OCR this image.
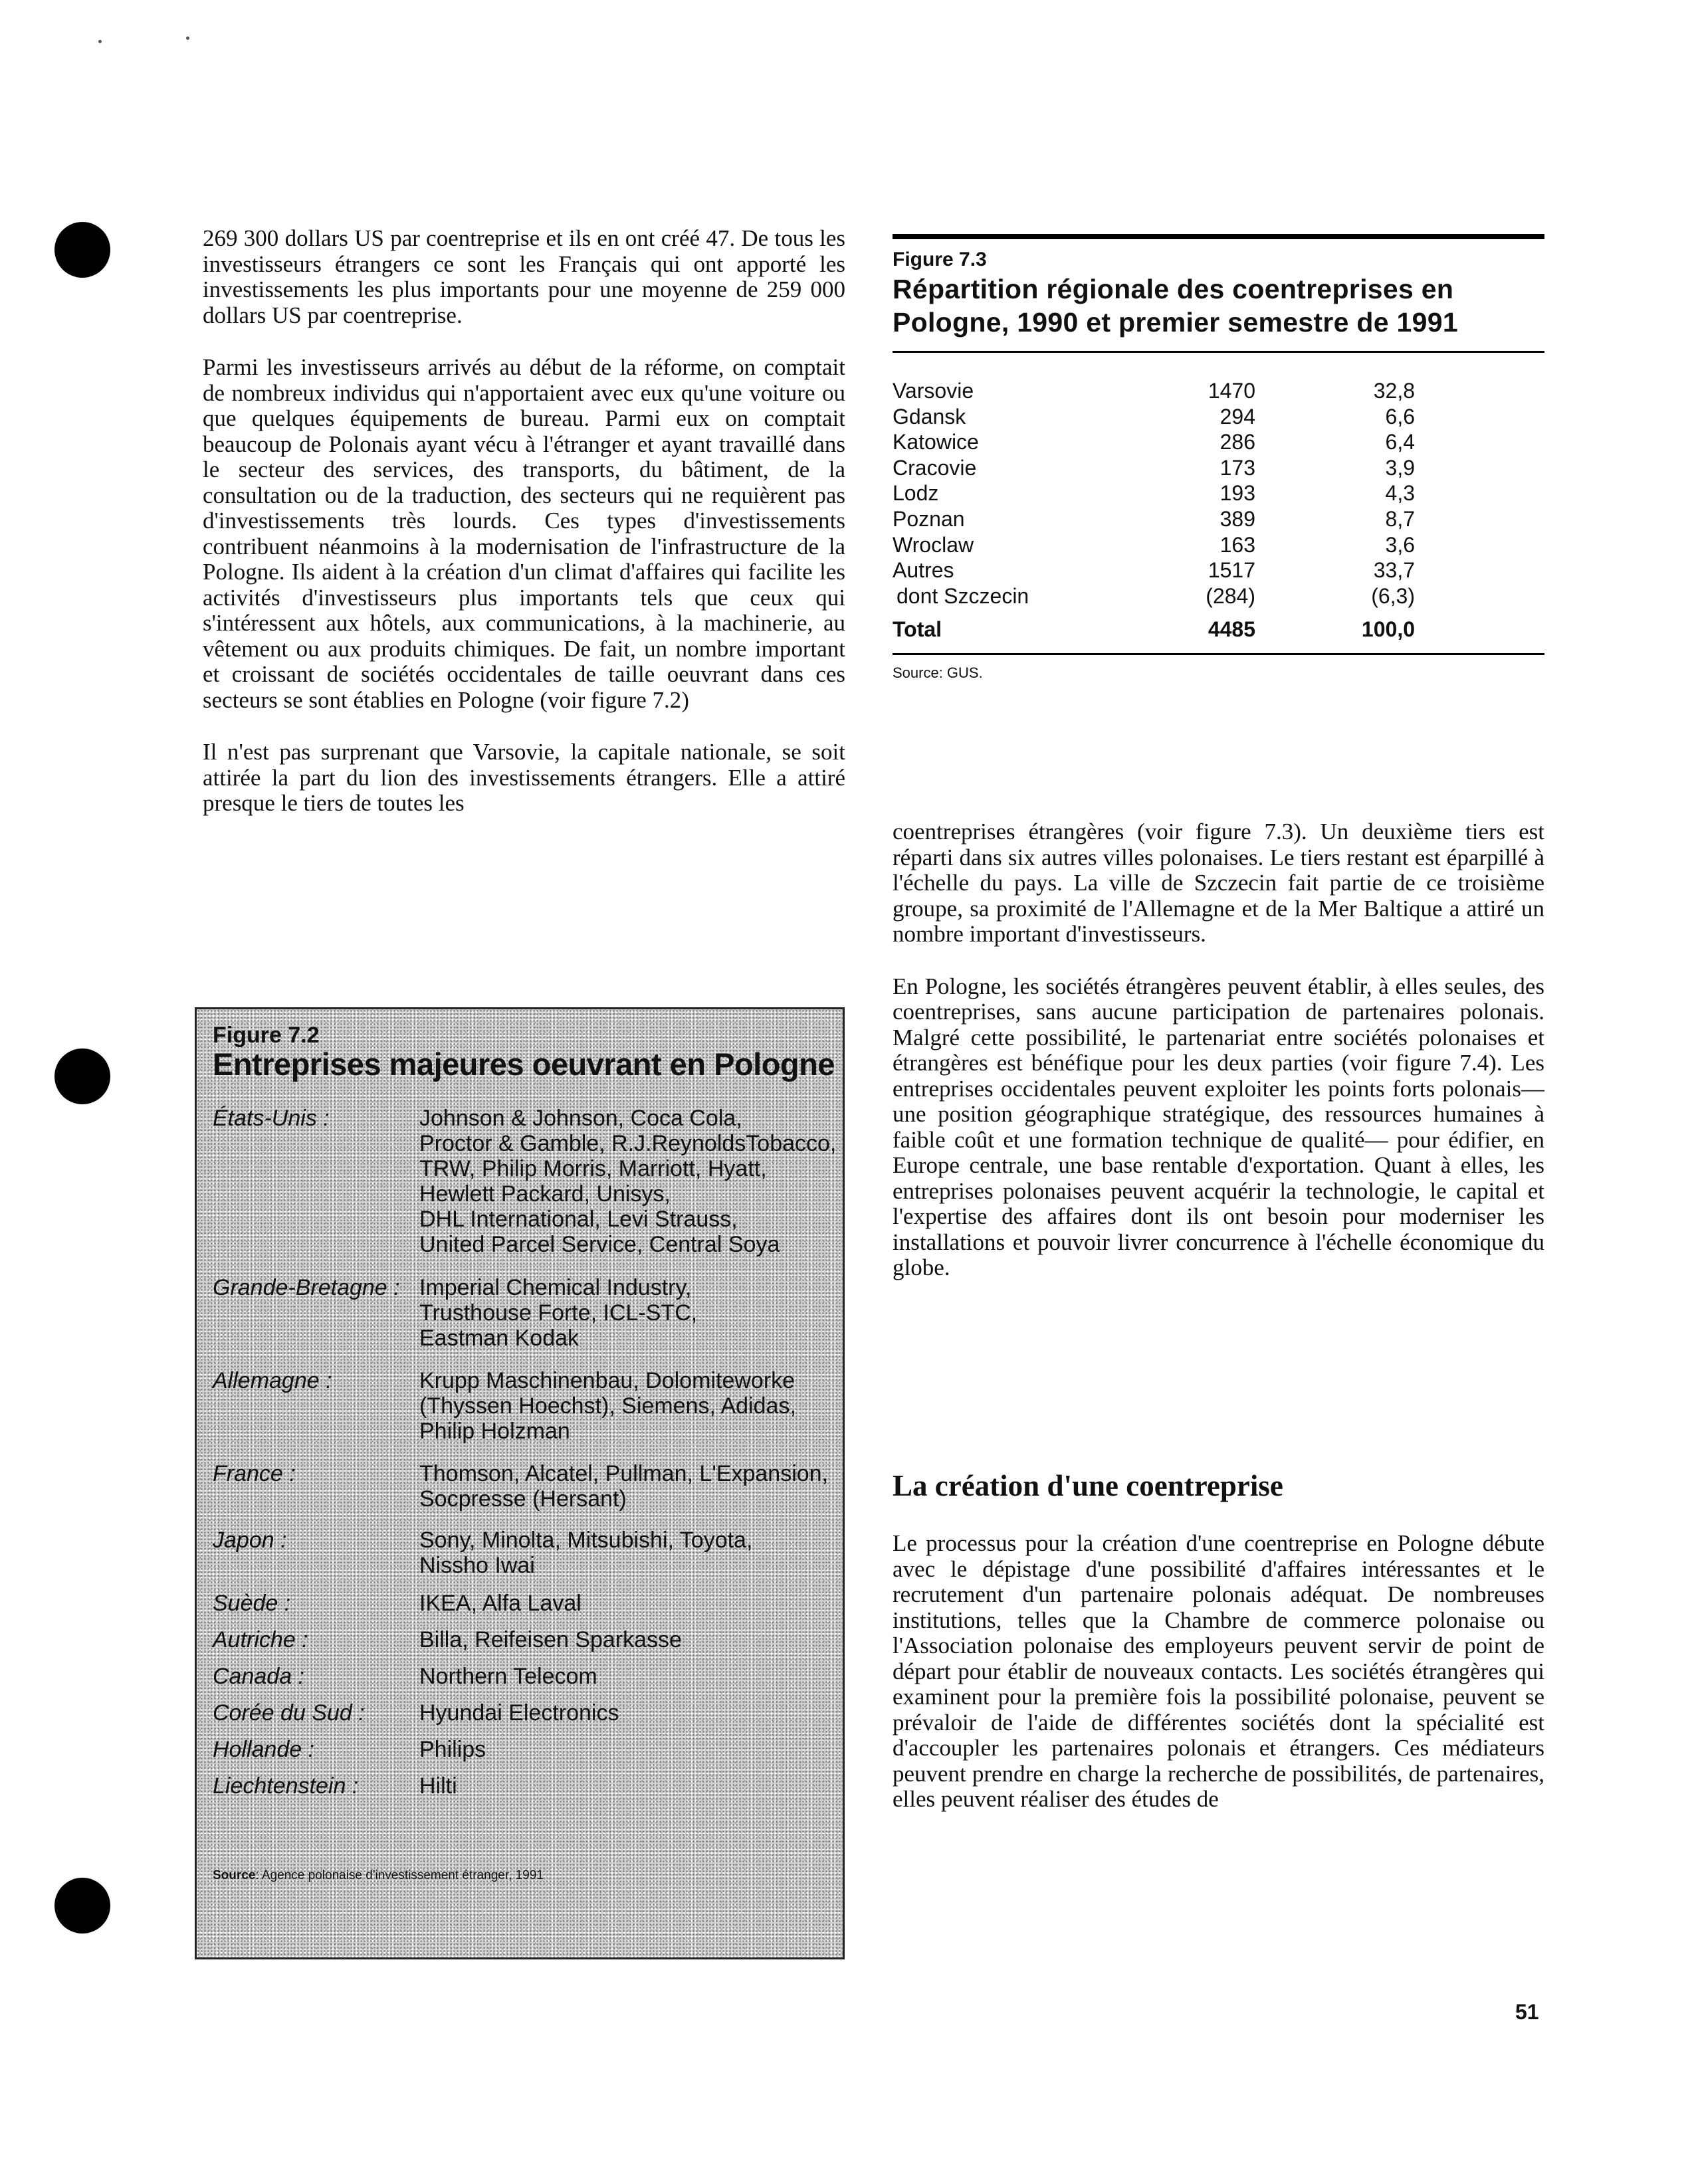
269 300 dollars US par coentreprise et ils en ont créé 47. De tous les investisseurs étrangers ce sont les Français qui ont apporté les investissements les plus importants pour une moyenne de 259 000 dollars US par coentreprise.

Parmi les investisseurs arrivés au début de la réforme, on comptait de nombreux individus qui n'apportaient avec eux qu'une voiture ou que quelques équipements de bureau. Parmi eux on comptait beaucoup de Polonais ayant vécu à l'étranger et ayant travaillé dans le secteur des services, des transports, du bâtiment, de la consultation ou de la traduction, des secteurs qui ne requièrent pas d'investissements très lourds. Ces types d'investissements contribuent néanmoins à la modernisation de l'infrastructure de la Pologne. Ils aident à la création d'un climat d'affaires qui facilite les activités d'investisseurs plus importants tels que ceux qui s'intéressent aux hôtels, aux communications, à la machinerie, au vêtement ou aux produits chimiques. De fait, un nombre important et croissant de sociétés occidentales de taille oeuvrant dans ces secteurs se sont établies en Pologne (voir figure 7.2)

Il n'est pas surprenant que Varsovie, la capitale nationale, se soit attirée la part du lion des investissements étrangers. Elle a attiré presque le tiers de toutes les

Figure 7.3
Répartition régionale des coentreprises en Pologne, 1990 et premier semestre de 1991
Varsovie	1470	32,8
Gdansk	294	6,6
Katowice	286	6,4
Cracovie	173	3,9
Lodz	193	4,3
Poznan	389	8,7
Wroclaw	163	3,6
Autres	1517	33,7
dont Szczecin	(284)	(6,3)
Total	4485	100,0
Source: GUS.
Figure 7.2
Entreprises majeures oeuvrant en Pologne
États-Unis :	Johnson & Johnson, Coca Cola,
Proctor & Gamble, R.J.ReynoldsTobacco,
TRW, Philip Morris, Marriott, Hyatt,
Hewlett Packard, Unisys,
DHL International, Levi Strauss,
United Parcel Service, Central Soya
Grande-Bretagne : Imperial Chemical Industry,
Trusthouse Forte, ICL-STC,
Eastman Kodak
Allemagne :	Krupp Maschinenbau, Dolomiteworke
(Thyssen Hoechst), Siemens, Adidas,
Philip Holzman
France :	Thomson, Alcatel, Pullman, L'Expansion,
Socpresse (Hersant)
Japon :	Sony, Minolta, Mitsubishi, Toyota,
Nissho Iwai
Suède :	IKEA, Alfa Laval
Autriche :	Billa, Reifeisen Sparkasse
Canada :	Northern Telecom
Corée du Sud :	Hyundai Electronics
Hollande :	Philips
Liechtenstein :	Hilti
Source: Agence polonaise d'investissement étranger, 1991

coentreprises étrangères (voir figure 7.3). Un deuxième tiers est réparti dans six autres villes polonaises. Le tiers restant est éparpillé à l'échelle du pays. La ville de Szczecin fait partie de ce troisième groupe, sa proximité de l'Allemagne et de la Mer Baltique a attiré un nombre important d'investisseurs.

En Pologne, les sociétés étrangères peuvent établir, à elles seules, des coentreprises, sans aucune participation de partenaires polonais. Malgré cette possibilité, le partenariat entre sociétés polonaises et étrangères est bénéfique pour les deux parties (voir figure 7.4). Les entreprises occidentales peuvent exploiter les points forts polonais— une position géographique stratégique, des ressources humaines à faible coût et une formation technique de qualité— pour édifier, en Europe centrale, une base rentable d'exportation. Quant à elles, les entreprises polonaises peuvent acquérir la technologie, le capital et l'expertise des affaires dont ils ont besoin pour moderniser les installations et pouvoir livrer concurrence à l'échelle économique du globe.

La création d'une coentreprise

Le processus pour la création d'une coentreprise en Pologne débute avec le dépistage d'une possibilité d'affaires intéressantes et le recrutement d'un partenaire polonais adéquat. De nombreuses institutions, telles que la Chambre de commerce polonaise ou l'Association polonaise des employeurs peuvent servir de point de départ pour établir de nouveaux contacts. Les sociétés étrangères qui examinent pour la première fois la possibilité polonaise, peuvent se prévaloir de l'aide de différentes sociétés dont la spécialité est d'accoupler les partenaires polonais et étrangers. Ces médiateurs peuvent prendre en charge la recherche de possibilités, de partenaires, elles peuvent réaliser des études de

51
